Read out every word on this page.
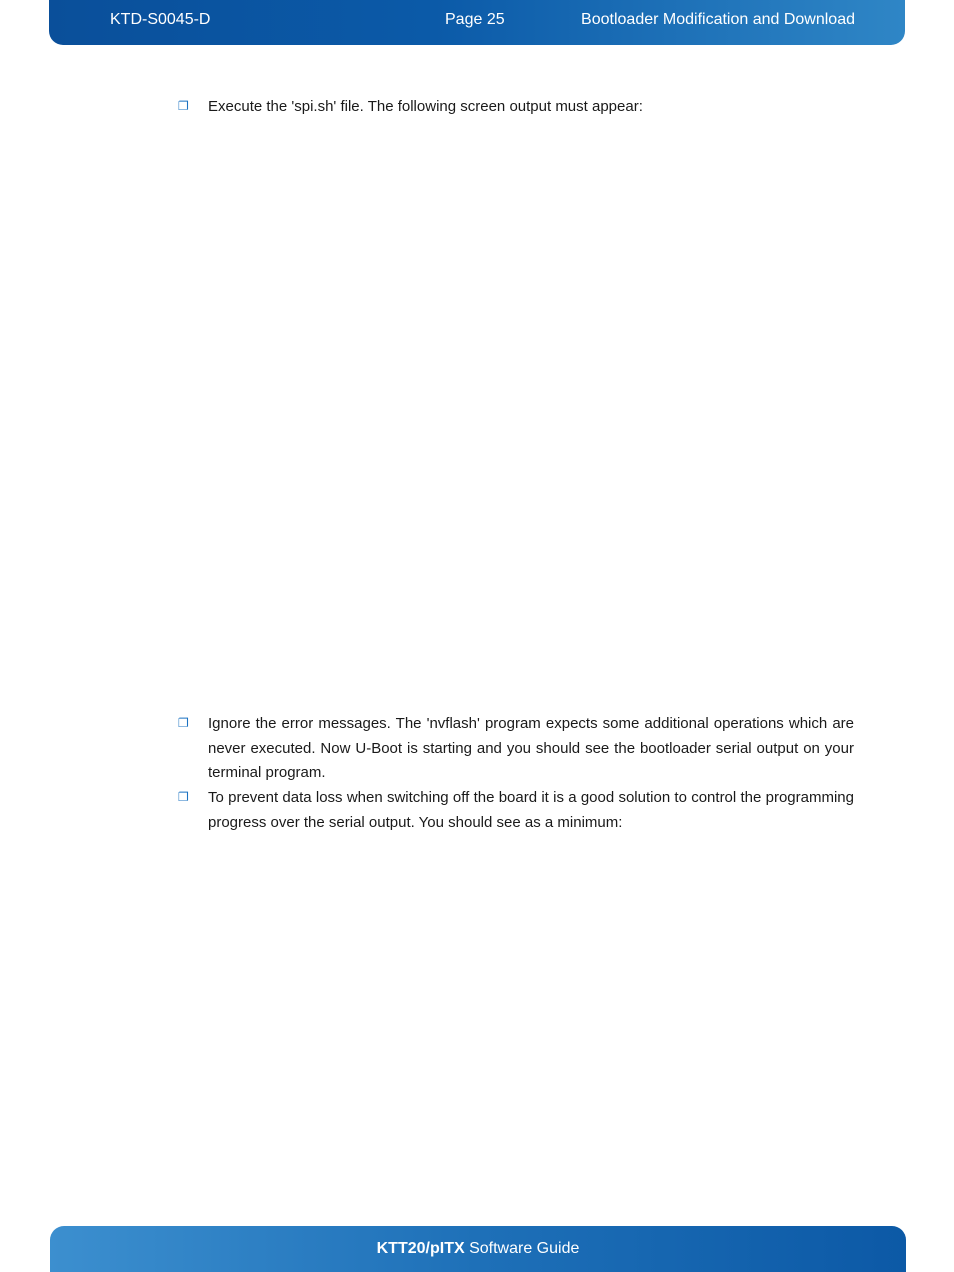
KTD-S0045-D	Page 25	Bootloader Modification and Download
❐ Execute the 'spi.sh' file. The following screen output must appear:
❐ Ignore the error messages. The 'nvflash' program expects some additional operations which are never executed. Now U-Boot is starting and you should see the bootloader serial output on your terminal program.
❐ To prevent data loss when switching off the board it is a good solution to control the programming progress over the serial output. You should see as a minimum:
KTT20/pITX Software Guide
